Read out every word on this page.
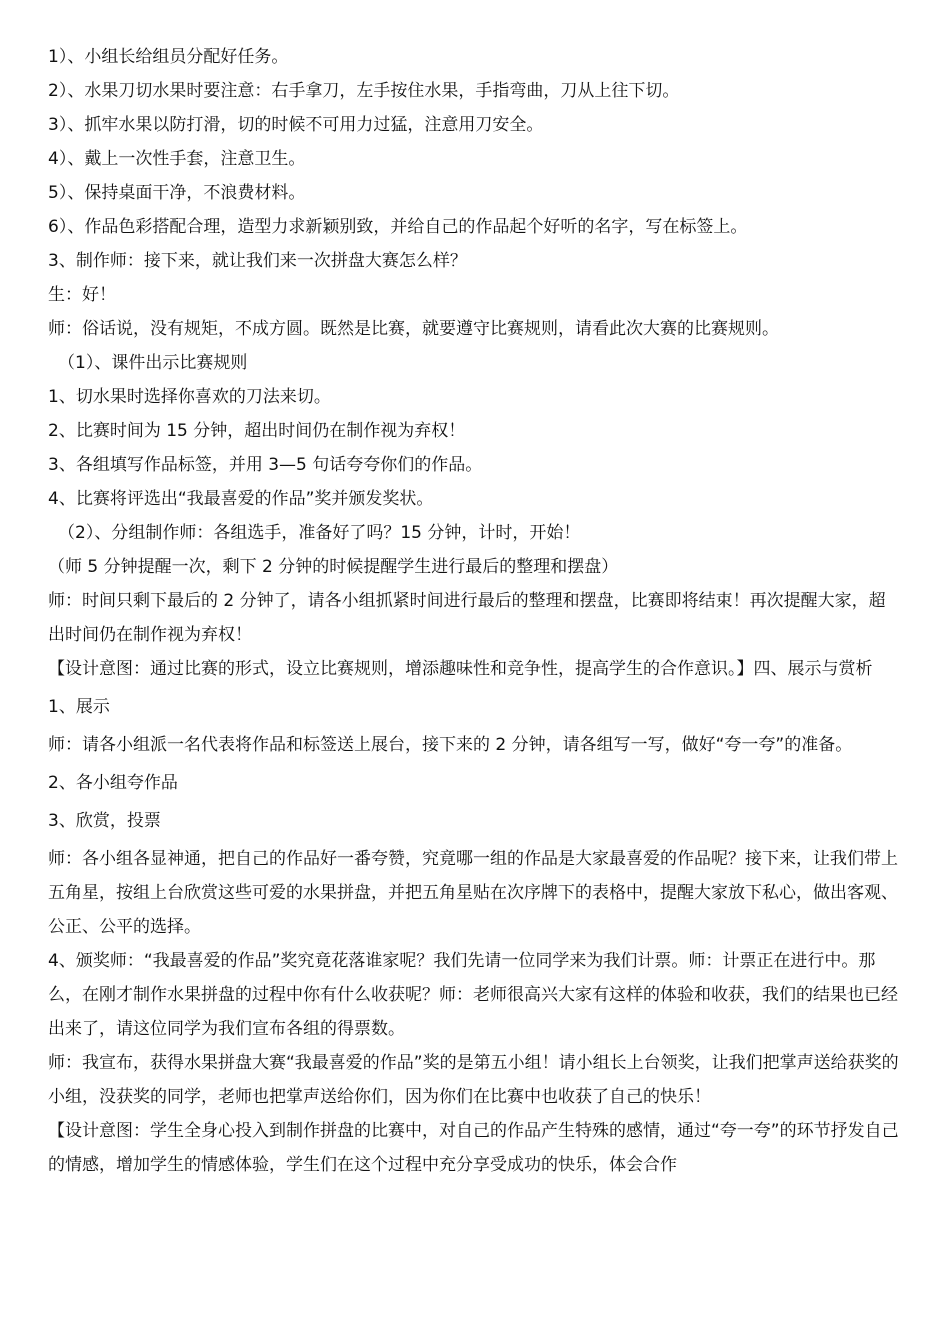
1）、小组长给组员分配好任务。
2）、水果刀切水果时要注意：右手拿刀，左手按住水果，手指弯曲，刀从上往下切。
3）、抓牢水果以防打滑，切的时候不可用力过猛，注意用刀安全。
4）、戴上一次性手套，注意卫生。
5）、保持桌面干净，不浪费材料。
6）、作品色彩搭配合理，造型力求新颖别致，并给自己的作品起个好听的名字，写在标签上。
3、制作师：接下来，就让我们来一次拼盘大赛怎么样？
生：好！
师：俗话说，没有规矩，不成方圆。既然是比赛，就要遵守比赛规则，请看此次大赛的比赛规则。
（1）、课件出示比赛规则
1、切水果时选择你喜欢的刀法来切。
2、比赛时间为 15 分钟，超出时间仍在制作视为弃权！
3、各组填写作品标签，并用 3—5 句话夸夸你们的作品。
4、比赛将评选出“我最喜爱的作品”奖并颁发奖状。
（2）、分组制作师：各组选手，准备好了吗？15 分钟，计时，开始！
（师 5 分钟提醒一次，剩下 2 分钟的时候提醒学生进行最后的整理和摆盘）
师：时间只剩下最后的 2 分钟了，请各小组抓紧时间进行最后的整理和摆盘，比赛即将结束！再次提醒大家，超出时间仍在制作视为弃权！
【设计意图：通过比赛的形式，设立比赛规则，增添趣味性和竞争性，提高学生的合作意识。】四、展示与赏析
1、展示
师：请各小组派一名代表将作品和标签送上展台，接下来的 2 分钟，请各组写一写，做好“夸一夸”的准备。
2、各小组夸作品
3、欣赏，投票
师：各小组各显神通，把自己的作品好一番夸赞，究竟哪一组的作品是大家最喜爱的作品呢？接下来，让我们带上五角星，按组上台欣赏这些可爱的水果拼盘，并把五角星贴在次序牌下的表格中，提醒大家放下私心，做出客观、公正、公平的选择。
4、颁奖师：“我最喜爱的作品”奖究竟花落谁家呢？我们先请一位同学来为我们计票。师：计票正在进行中。那么，在刚才制作水果拼盘的过程中你有什么收获呢？师：老师很高兴大家有这样的体验和收获，我们的结果也已经出来了，请这位同学为我们宣布各组的得票数。
师：我宣布，获得水果拼盘大赛“我最喜爱的作品”奖的是第五小组！请小组长上台领奖，让我们把掌声送给获奖的小组，没获奖的同学，老师也把掌声送给你们，因为你们在比赛中也收获了自己的快乐！
【设计意图：学生全身心投入到制作拼盘的比赛中，对自己的作品产生特殊的感情，通过“夸一夸”的环节抒发自己的情感，增加学生的情感体验，学生们在这个过程中充分享受成功的快乐，体会合作
